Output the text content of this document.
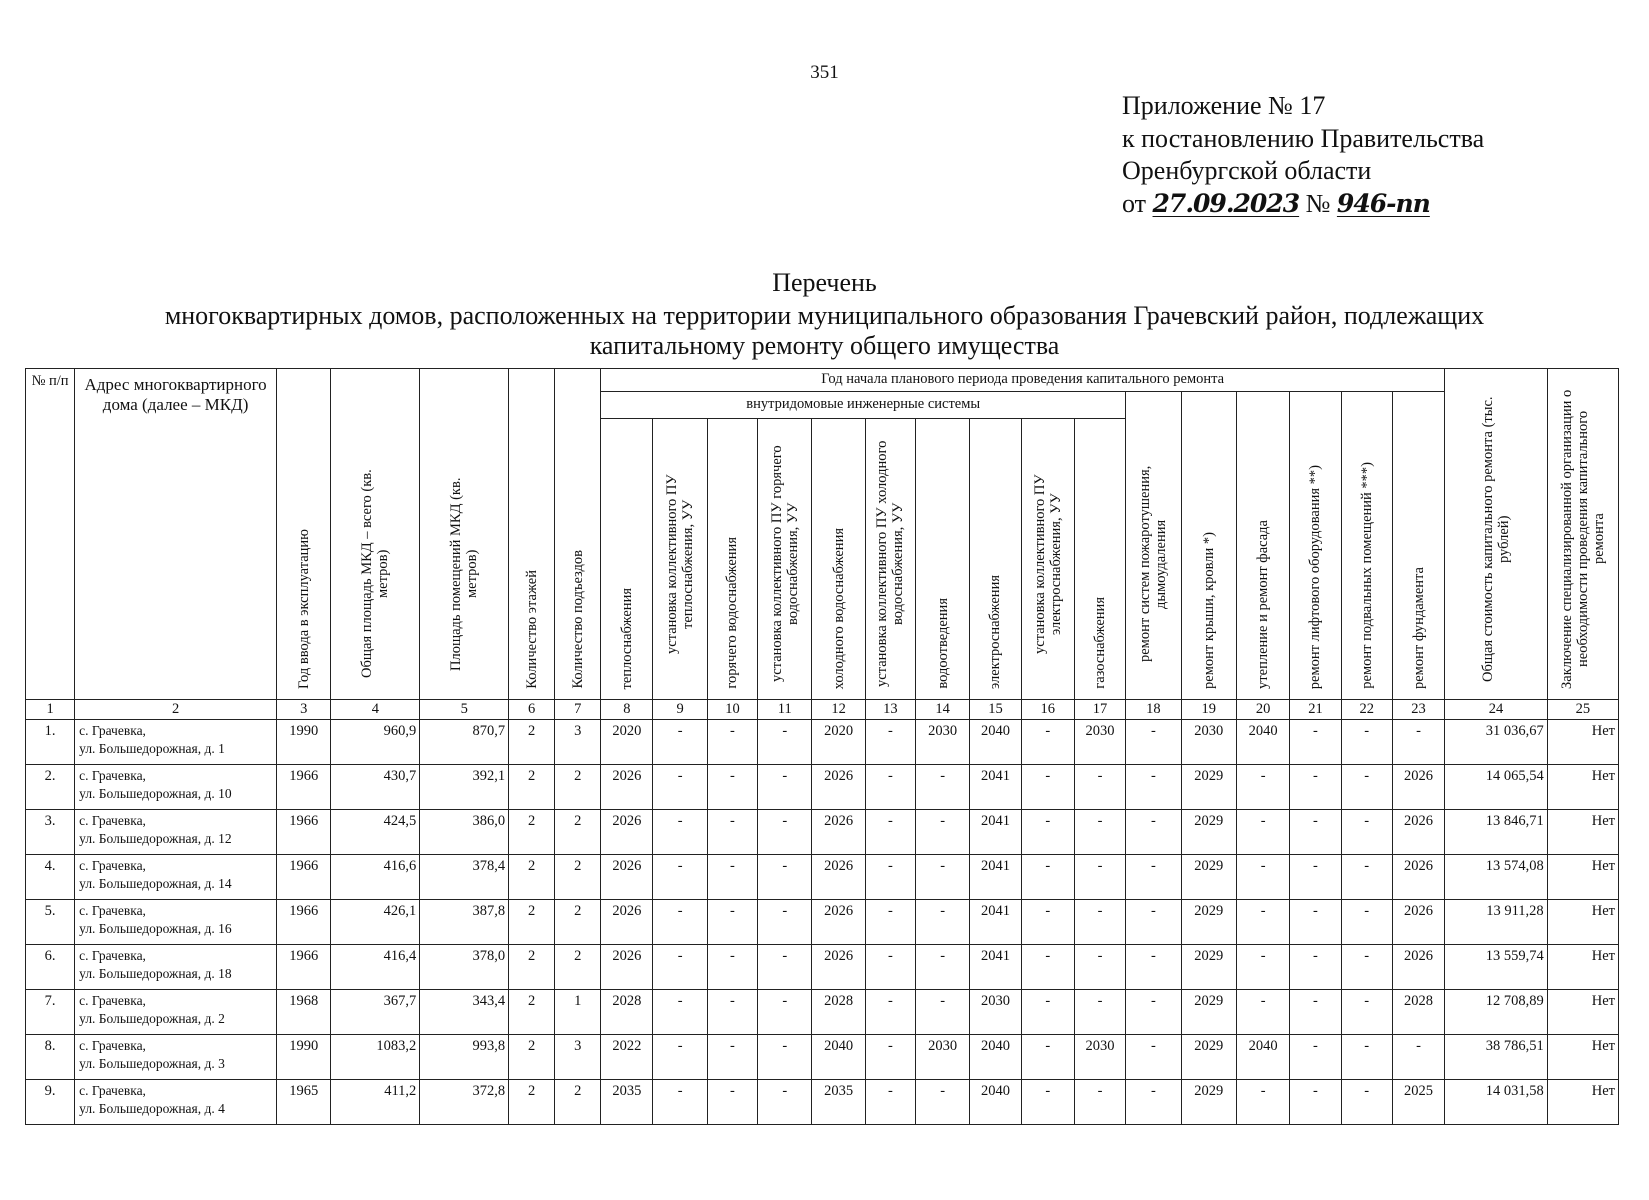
351
Приложение № 17
к постановлению Правительства
Оренбургской области
от 27.09.2023 № 946-пп
Перечень
многоквартирных домов, расположенных на территории муниципального образования Грачевский район, подлежащих
капитальному ремонту общего имущества
№ п/п	Адрес многоквартирного дома (далее – МКД)	Год ввода в эксплуатацию	Общая площадь МКД – всего (кв. метров)	Площадь помещений МКД (кв. метров)	Количество этажей	Количество подъездов	Год начала планового периода проведения капитального ремонта																Общая стоимость капитального ремонта (тыс. рублей)	Заключение специализированной организации о необходимости проведения капитального ремонта
							внутридомовые инженерные системы										ремонт систем пожаротушения, дымоудаления	ремонт крыши, кровли *)	утепление и ремонт фасада	ремонт лифтового оборудования **)	ремонт подвальных помещений ***)	ремонт фундамента		
							теплоснабжения	установка коллективного ПУ теплоснабжения, УУ	горячего водоснабжения	установка коллективного ПУ горячего водоснабжения, УУ	холодного водоснабжения	установка коллективного ПУ холодного водоснабжения, УУ	водоотведения	электроснабжения	установка коллективного ПУ электроснабжения, УУ	газоснабжения								
1	2	3	4	5	6	7	8	9	10	11	12	13	14	15	16	17	18	19	20	21	22	23	24	25
1.	с. Грачевка,
ул. Большедорожная, д. 1	1990	960,9	870,7	2	3	2020	-	-	-	2020	-	2030	2040	-	2030	-	2030	2040	-	-	-	31 036,67	Нет
2.	с. Грачевка,
ул. Большедорожная, д. 10	1966	430,7	392,1	2	2	2026	-	-	-	2026	-	-	2041	-	-	-	2029	-	-	-	2026	14 065,54	Нет
3.	с. Грачевка,
ул. Большедорожная, д. 12	1966	424,5	386,0	2	2	2026	-	-	-	2026	-	-	2041	-	-	-	2029	-	-	-	2026	13 846,71	Нет
4.	с. Грачевка,
ул. Большедорожная, д. 14	1966	416,6	378,4	2	2	2026	-	-	-	2026	-	-	2041	-	-	-	2029	-	-	-	2026	13 574,08	Нет
5.	с. Грачевка,
ул. Большедорожная, д. 16	1966	426,1	387,8	2	2	2026	-	-	-	2026	-	-	2041	-	-	-	2029	-	-	-	2026	13 911,28	Нет
6.	с. Грачевка,
ул. Большедорожная, д. 18	1966	416,4	378,0	2	2	2026	-	-	-	2026	-	-	2041	-	-	-	2029	-	-	-	2026	13 559,74	Нет
7.	с. Грачевка,
ул. Большедорожная, д. 2	1968	367,7	343,4	2	1	2028	-	-	-	2028	-	-	2030	-	-	-	2029	-	-	-	2028	12 708,89	Нет
8.	с. Грачевка,
ул. Большедорожная, д. 3	1990	1083,2	993,8	2	3	2022	-	-	-	2040	-	2030	2040	-	2030	-	2029	2040	-	-	-	38 786,51	Нет
9.	с. Грачевка,
ул. Большедорожная, д. 4	1965	411,2	372,8	2	2	2035	-	-	-	2035	-	-	2040	-	-	-	2029	-	-	-	2025	14 031,58	Нет
